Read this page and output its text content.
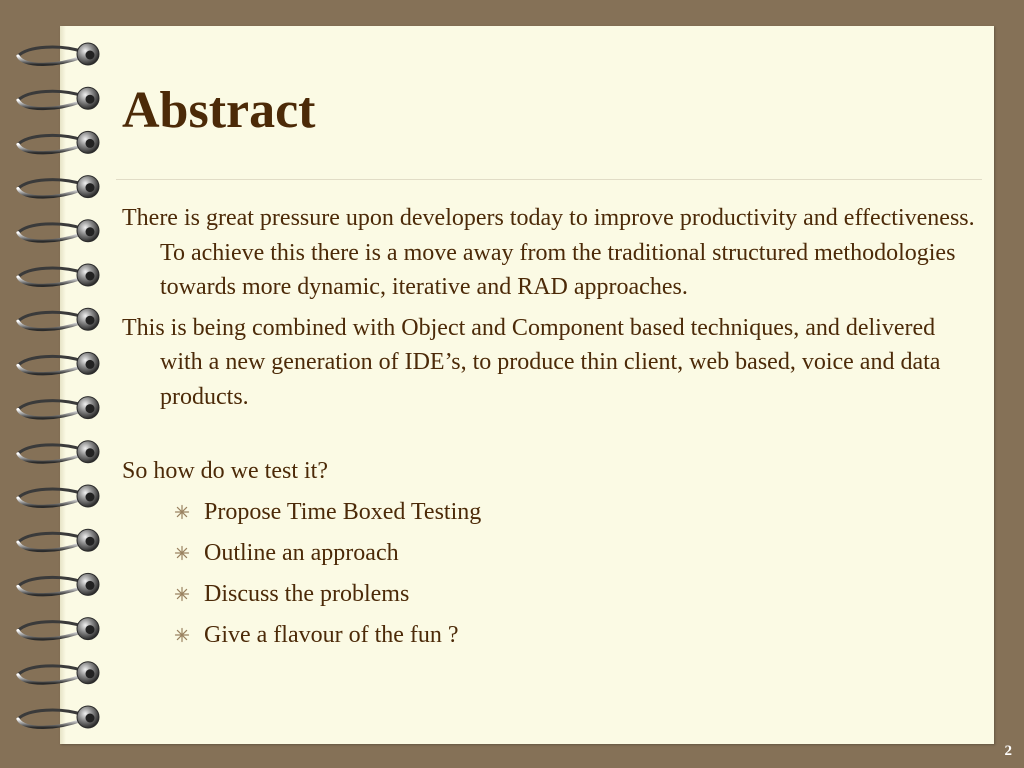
Abstract

There is great pressure upon developers today to improve productivity and effectiveness. To achieve this there is a move away from the traditional structured methodologies towards more dynamic, iterative and RAD approaches.

This is being combined with Object and Component based techniques, and delivered with a new generation of IDE’s, to produce thin client, web based, voice and data products.

So how do we test it?

Propose Time Boxed Testing
Outline an approach
Discuss the problems
Give a flavour of the fun ?
2
